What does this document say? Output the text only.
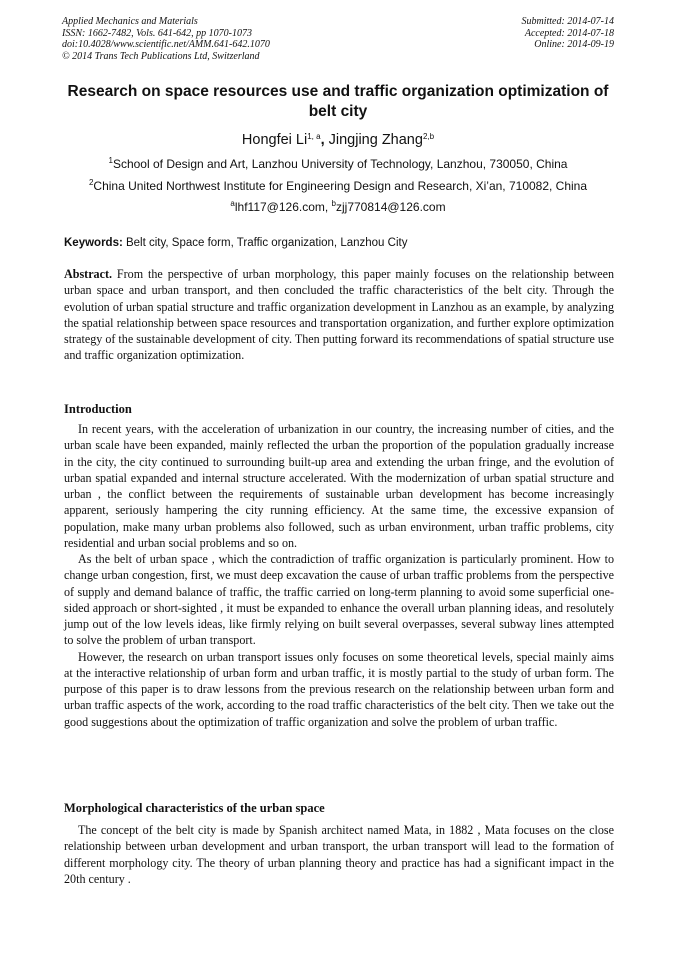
Applied Mechanics and Materials
ISSN: 1662-7482, Vols. 641-642, pp 1070-1073
doi:10.4028/www.scientific.net/AMM.641-642.1070
© 2014 Trans Tech Publications Ltd, Switzerland
Submitted: 2014-07-14
Accepted: 2014-07-18
Online: 2014-09-19
Research on space resources use and traffic organization optimization of belt city
Hongfei Li$^{1, a}$, Jingjing Zhang$^{2,b}$
$^1$School of Design and Art, Lanzhou University of Technology, Lanzhou, 730050, China
$^2$China United Northwest Institute for Engineering Design and Research, Xi’an, 710082, China
$^a$lhf117@126.com, $^b$zjj770814@126.com
Keywords: Belt city, Space form, Traffic organization, Lanzhou City
Abstract. From the perspective of urban morphology, this paper mainly focuses on the relationship between urban space and urban transport, and then concluded the traffic characteristics of the belt city. Through the evolution of urban spatial structure and traffic organization development in Lanzhou as an example, by analyzing the spatial relationship between space resources and transportation organization, and further explore optimization strategy of the sustainable development of city. Then putting forward its recommendations of spatial structure use and traffic organization optimization.
Introduction

In recent years, with the acceleration of urbanization in our country, the increasing number of cities, and the urban scale have been expanded, mainly reflected the urban the proportion of the population gradually increase in the city, the city continued to surrounding built-up area and extending the urban fringe, and the evolution of urban spatial expanded and internal structure accelerated. With the modernization of urban spatial structure and urban , the conflict between the requirements of sustainable urban development has become increasingly apparent, seriously hampering the city running efficiency. At the same time, the excessive expansion of population, make many urban problems also followed, such as urban environment, urban traffic problems, city residential and urban social problems and so on.

As the belt of urban space , which the contradiction of traffic organization is particularly prominent. How to change urban congestion, first, we must deep excavation the cause of urban traffic problems from the perspective of supply and demand balance of traffic, the traffic carried on long-term planning to avoid some superficial one-sided approach or short-sighted , it must be expanded to enhance the overall urban planning ideas, and resolutely jump out of the low levels ideas, like firmly relying on built several overpasses, several subway lines attempted to solve the problem of urban transport.

However, the research on urban transport issues only focuses on some theoretical levels, special mainly aims at the interactive relationship of urban form and urban traffic, it is mostly partial to the study of urban form. The purpose of this paper is to draw lessons from the previous research on the relationship between urban form and urban traffic aspects of the work, according to the road traffic characteristics of the belt city. Then we take out the good suggestions about the optimization of traffic organization and solve the problem of urban traffic.

Morphological characteristics of the urban space

The concept of the belt city is made by Spanish architect named Mata, in 1882 , Mata focuses on the close relationship between urban development and urban transport, the urban transport will lead to the formation of different morphology city. The theory of urban planning theory and practice has had a significant impact in the 20th century .
